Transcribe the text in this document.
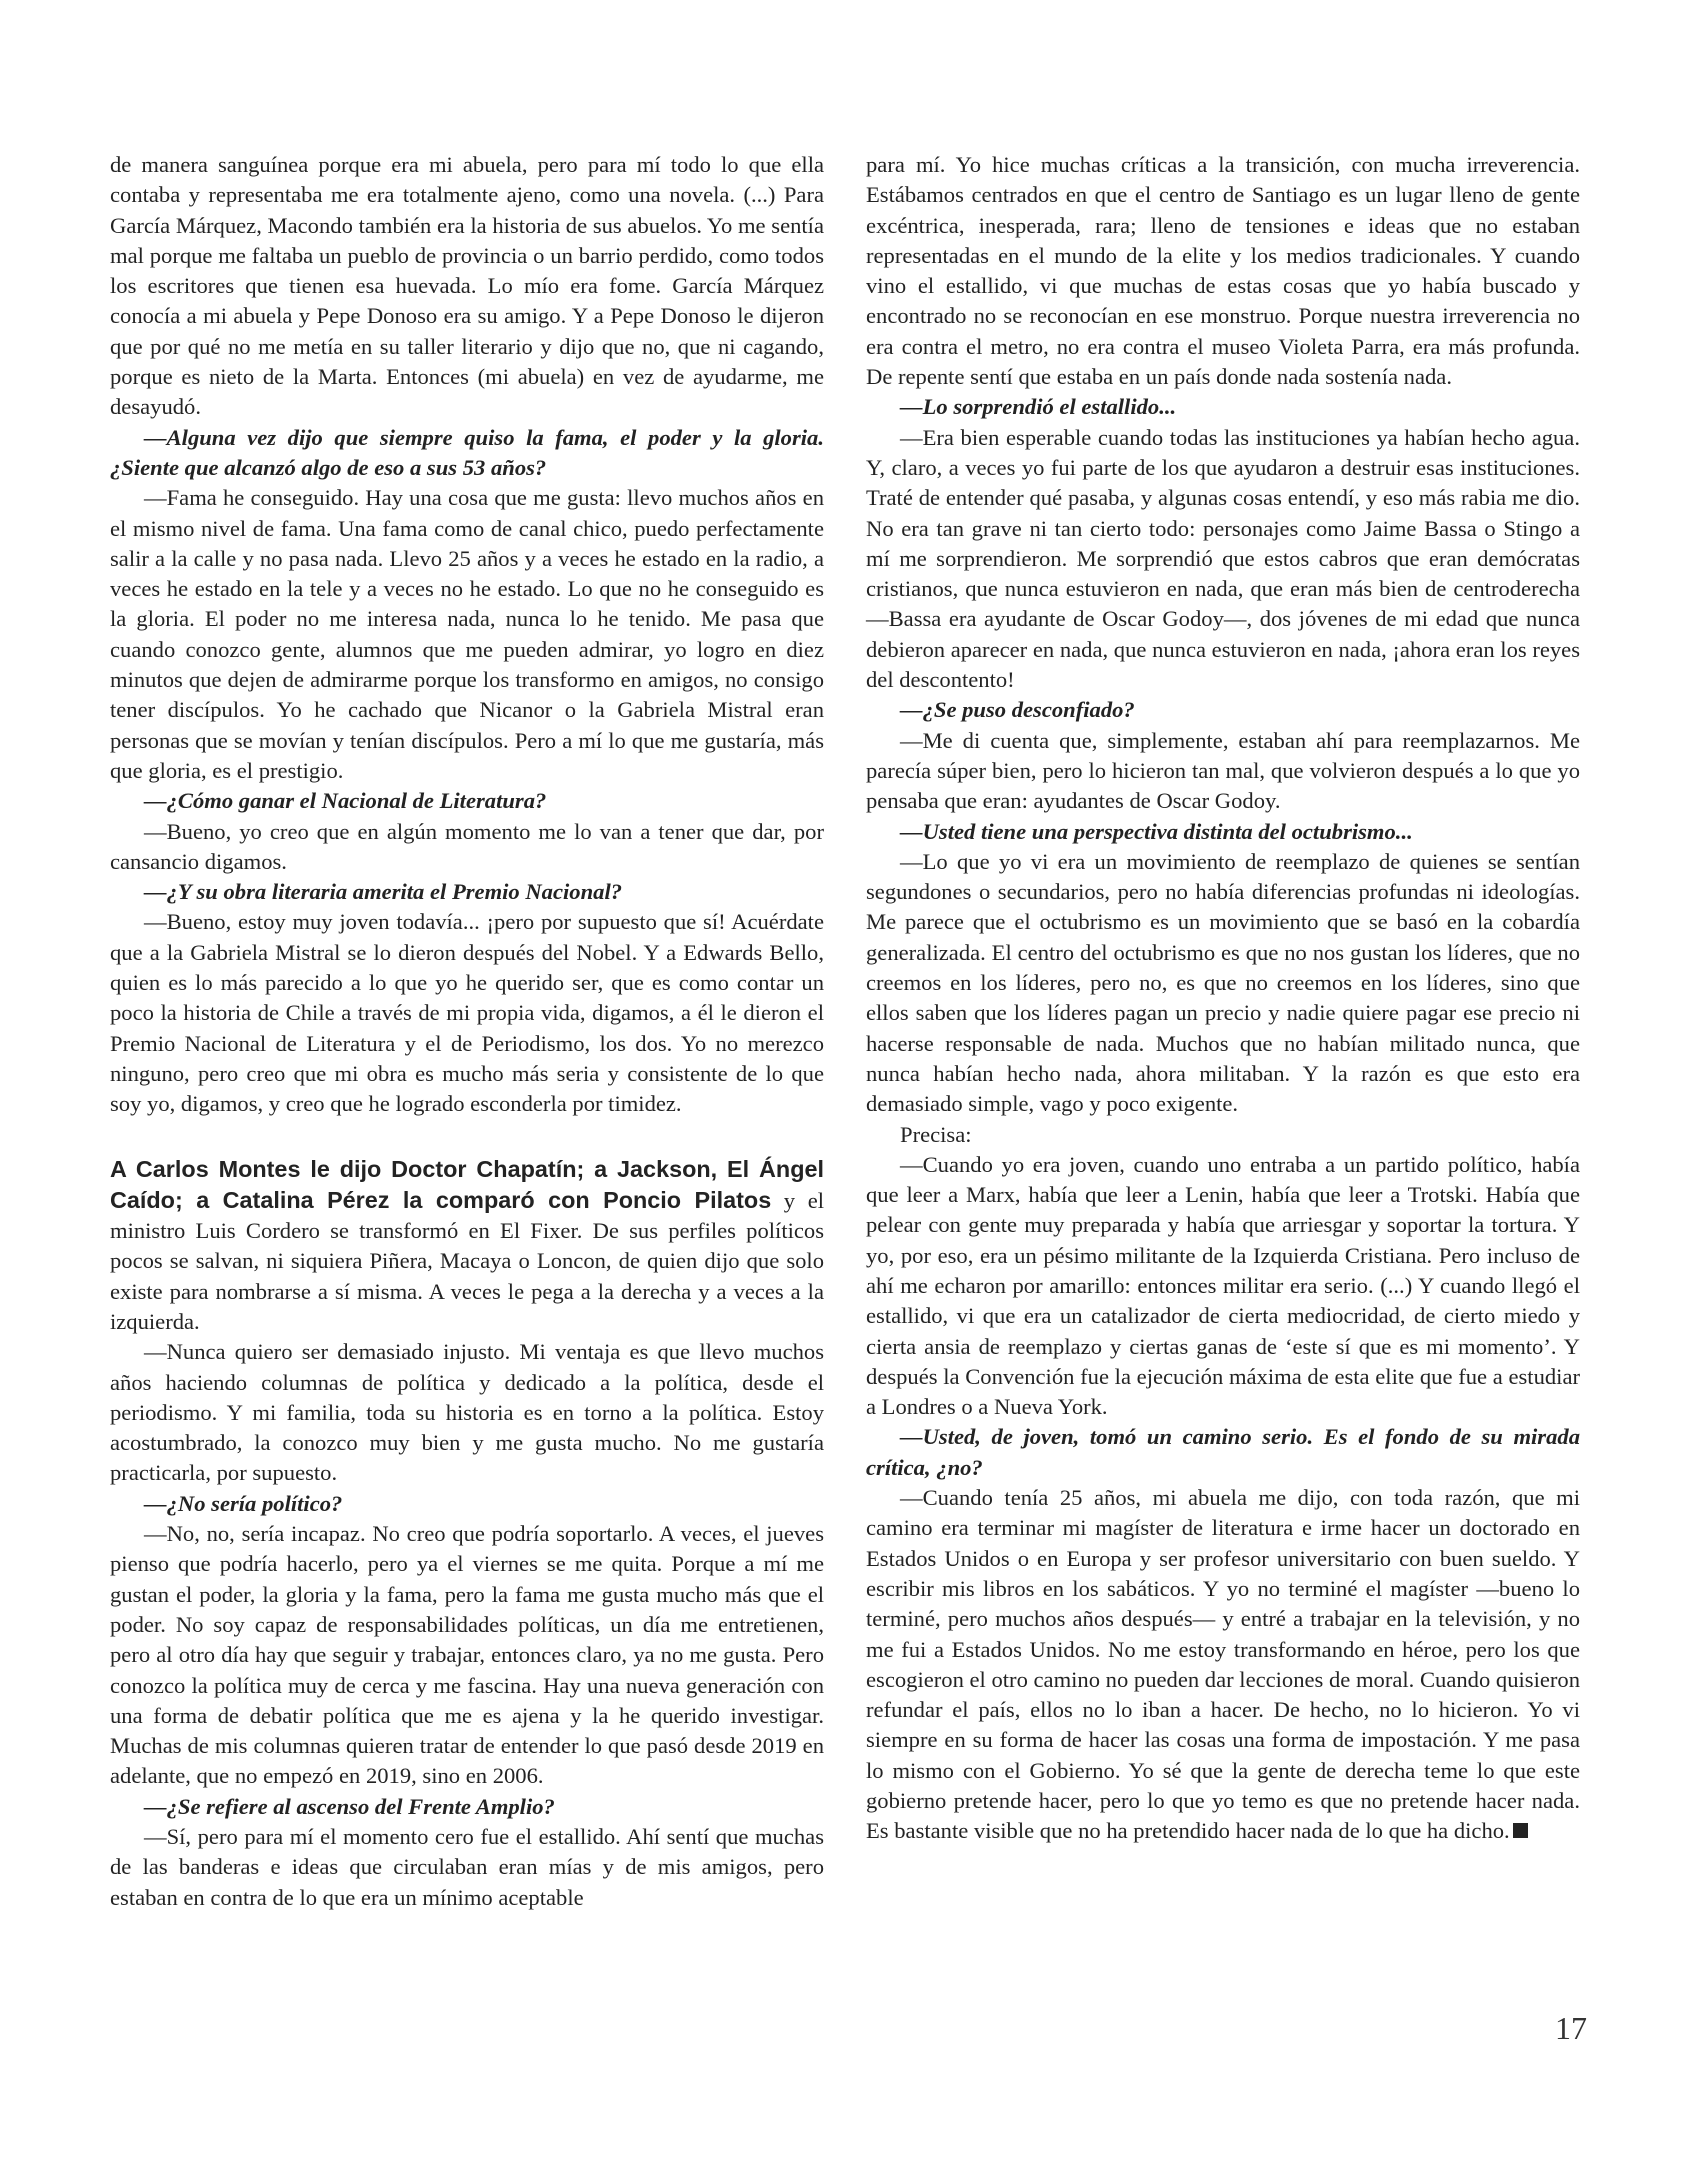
de manera sanguínea porque era mi abuela, pero para mí todo lo que ella contaba y representaba me era totalmente ajeno, como una novela. (...) Para García Márquez, Macondo también era la historia de sus abuelos. Yo me sentía mal porque me faltaba un pueblo de provincia o un barrio perdido, como todos los escritores que tienen esa huevada. Lo mío era fome. García Márquez conocía a mi abuela y Pepe Donoso era su amigo. Y a Pepe Donoso le dijeron que por qué no me metía en su taller literario y dijo que no, que ni cagando, porque es nieto de la Marta. Entonces (mi abuela) en vez de ayudarme, me desayudó.

—Alguna vez dijo que siempre quiso la fama, el poder y la gloria. ¿Siente que alcanzó algo de eso a sus 53 años?

—Fama he conseguido. Hay una cosa que me gusta: llevo muchos años en el mismo nivel de fama. Una fama como de canal chico, puedo perfectamente salir a la calle y no pasa nada. Llevo 25 años y a veces he estado en la radio, a veces he estado en la tele y a veces no he estado. Lo que no he conseguido es la gloria. El poder no me interesa nada, nunca lo he tenido. Me pasa que cuando conozco gente, alumnos que me pueden admirar, yo logro en diez minutos que dejen de admirarme porque los transformo en amigos, no consigo tener discípulos. Yo he cachado que Nicanor o la Gabriela Mistral eran personas que se movían y tenían discípulos. Pero a mí lo que me gustaría, más que gloria, es el prestigio.

—¿Cómo ganar el Nacional de Literatura?

—Bueno, yo creo que en algún momento me lo van a tener que dar, por cansancio digamos.

—¿Y su obra literaria amerita el Premio Nacional?

—Bueno, estoy muy joven todavía... ¡pero por supuesto que sí! Acuérdate que a la Gabriela Mistral se lo dieron después del Nobel. Y a Edwards Bello, quien es lo más parecido a lo que yo he querido ser, que es como contar un poco la historia de Chile a través de mi propia vida, digamos, a él le dieron el Premio Nacional de Literatura y el de Periodismo, los dos. Yo no merezco ninguno, pero creo que mi obra es mucho más seria y consistente de lo que soy yo, digamos, y creo que he logrado esconderla por timidez.

A Carlos Montes le dijo Doctor Chapatín; a Jackson, El Ángel Caído; a Catalina Pérez la comparó con Poncio Pilatos y el ministro Luis Cordero se transformó en El Fixer. De sus perfiles políticos pocos se salvan, ni siquiera Piñera, Macaya o Loncon, de quien dijo que solo existe para nombrarse a sí misma. A veces le pega a la derecha y a veces a la izquierda.

—Nunca quiero ser demasiado injusto. Mi ventaja es que llevo muchos años haciendo columnas de política y dedicado a la política, desde el periodismo. Y mi familia, toda su historia es en torno a la política. Estoy acostumbrado, la conozco muy bien y me gusta mucho. No me gustaría practicarla, por supuesto.

—¿No sería político?

—No, no, sería incapaz. No creo que podría soportarlo. A veces, el jueves pienso que podría hacerlo, pero ya el viernes se me quita. Porque a mí me gustan el poder, la gloria y la fama, pero la fama me gusta mucho más que el poder. No soy capaz de responsabilidades políticas, un día me entretienen, pero al otro día hay que seguir y trabajar, entonces claro, ya no me gusta. Pero conozco la política muy de cerca y me fascina. Hay una nueva generación con una forma de debatir política que me es ajena y la he querido investigar. Muchas de mis columnas quieren tratar de entender lo que pasó desde 2019 en adelante, que no empezó en 2019, sino en 2006.

—¿Se refiere al ascenso del Frente Amplio?

—Sí, pero para mí el momento cero fue el estallido. Ahí sentí que muchas de las banderas e ideas que circulaban eran mías y de mis amigos, pero estaban en contra de lo que era un mínimo aceptable

para mí. Yo hice muchas críticas a la transición, con mucha irreverencia. Estábamos centrados en que el centro de Santiago es un lugar lleno de gente excéntrica, inesperada, rara; lleno de tensiones e ideas que no estaban representadas en el mundo de la elite y los medios tradicionales. Y cuando vino el estallido, vi que muchas de estas cosas que yo había buscado y encontrado no se reconocían en ese monstruo. Porque nuestra irreverencia no era contra el metro, no era contra el museo Violeta Parra, era más profunda. De repente sentí que estaba en un país donde nada sostenía nada.

—Lo sorprendió el estallido...

—Era bien esperable cuando todas las instituciones ya habían hecho agua. Y, claro, a veces yo fui parte de los que ayudaron a destruir esas instituciones. Traté de entender qué pasaba, y algunas cosas entendí, y eso más rabia me dio. No era tan grave ni tan cierto todo: personajes como Jaime Bassa o Stingo a mí me sorprendieron. Me sorprendió que estos cabros que eran demócratas cristianos, que nunca estuvieron en nada, que eran más bien de centroderecha —Bassa era ayudante de Oscar Godoy—, dos jóvenes de mi edad que nunca debieron aparecer en nada, que nunca estuvieron en nada, ¡ahora eran los reyes del descontento!

—¿Se puso desconfiado?

—Me di cuenta que, simplemente, estaban ahí para reemplazarnos. Me parecía súper bien, pero lo hicieron tan mal, que volvieron después a lo que yo pensaba que eran: ayudantes de Oscar Godoy.

—Usted tiene una perspectiva distinta del octubrismo...

—Lo que yo vi era un movimiento de reemplazo de quienes se sentían segundones o secundarios, pero no había diferencias profundas ni ideologías. Me parece que el octubrismo es un movimiento que se basó en la cobardía generalizada. El centro del octubrismo es que no nos gustan los líderes, que no creemos en los líderes, pero no, es que no creemos en los líderes, sino que ellos saben que los líderes pagan un precio y nadie quiere pagar ese precio ni hacerse responsable de nada. Muchos que no habían militado nunca, que nunca habían hecho nada, ahora militaban. Y la razón es que esto era demasiado simple, vago y poco exigente.

Precisa:

—Cuando yo era joven, cuando uno entraba a un partido político, había que leer a Marx, había que leer a Lenin, había que leer a Trotski. Había que pelear con gente muy preparada y había que arriesgar y soportar la tortura. Y yo, por eso, era un pésimo militante de la Izquierda Cristiana. Pero incluso de ahí me echaron por amarillo: entonces militar era serio. (...) Y cuando llegó el estallido, vi que era un catalizador de cierta mediocridad, de cierto miedo y cierta ansia de reemplazo y ciertas ganas de ‘este sí que es mi momento’. Y después la Convención fue la ejecución máxima de esta elite que fue a estudiar a Londres o a Nueva York.

—Usted, de joven, tomó un camino serio. Es el fondo de su mirada crítica, ¿no?

—Cuando tenía 25 años, mi abuela me dijo, con toda razón, que mi camino era terminar mi magíster de literatura e irme hacer un doctorado en Estados Unidos o en Europa y ser profesor universitario con buen sueldo. Y escribir mis libros en los sabáticos. Y yo no terminé el magíster —bueno lo terminé, pero muchos años después— y entré a trabajar en la televisión, y no me fui a Estados Unidos. No me estoy transformando en héroe, pero los que escogieron el otro camino no pueden dar lecciones de moral. Cuando quisieron refundar el país, ellos no lo iban a hacer. De hecho, no lo hicieron. Yo vi siempre en su forma de hacer las cosas una forma de impostación. Y me pasa lo mismo con el Gobierno. Yo sé que la gente de derecha teme lo que este gobierno pretende hacer, pero lo que yo temo es que no pretende hacer nada. Es bastante visible que no ha pretendido hacer nada de lo que ha dicho.

17
